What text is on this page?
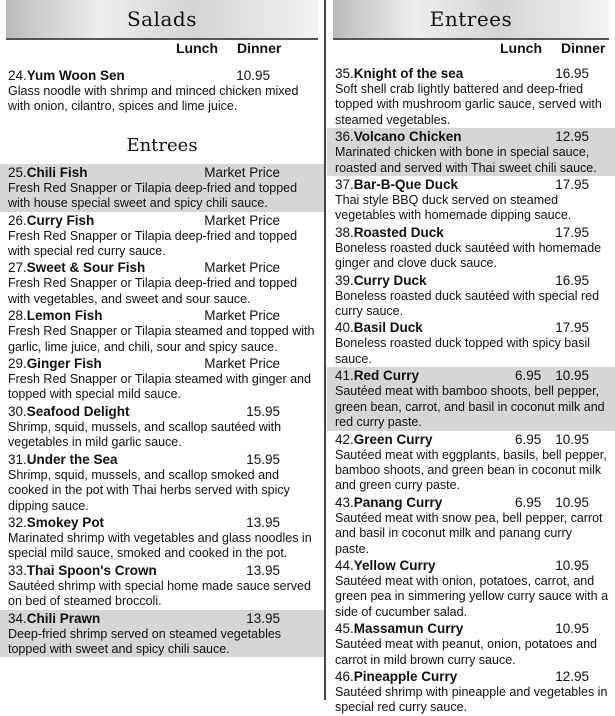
Salads
Lunch Dinner
24.Yum Woon Sen	10.95

Glass noodle with shrimp and minced chicken mixed with onion, cilantro, spices and lime juice.

Entrees
25.Chili Fish	Market Price

Fresh Red Snapper or Tilapia deep-fried and topped with house special sweet and spicy chili sauce.

26.Curry Fish	Market Price

Fresh Red Snapper or Tilapia deep-fried and topped with special red curry sauce.

27.Sweet & Sour Fish	Market Price

Fresh Red Snapper or Tilapia deep-fried and topped with vegetables, and sweet and sour sauce.

28.Lemon Fish	Market Price

Fresh Red Snapper or Tilapia steamed and topped with garlic, lime juice, and chili, sour and spicy sauce.

29.Ginger Fish	Market Price

Fresh Red Snapper or Tilapia steamed with ginger and topped with special mild sauce.

30.Seafood Delight	15.95

Shrimp, squid, mussels, and scallop sautéed with vegetables in mild garlic sauce.

31.Under the Sea	15.95

Shrimp, squid, mussels, and scallop smoked and cooked in the pot with Thai herbs served with spicy dipping sauce.

32.Smokey Pot	13.95

Marinated shrimp with vegetables and glass noodles in special mild sauce, smoked and cooked in the pot.

33.Thai Spoon's Crown	13.95

Sautéed shrimp with special home made sauce served on bed of steamed broccoli.

34.Chili Prawn	13.95

Deep-fried shrimp served on steamed vegetables topped with sweet and spicy chili sauce.

Entrees
Lunch Dinner
35.Knight of the sea	16.95

Soft shell crab lightly battered and deep-fried topped with mushroom garlic sauce, served with steamed vegetables.

36.Volcano Chicken	12.95

Marinated chicken with bone in special sauce, roasted and served with Thai sweet chili sauce.

37.Bar-B-Que Duck	17.95

Thai style BBQ duck served on steamed vegetables with homemade dipping sauce.

38.Roasted Duck	17.95

Boneless roasted duck sautéed with homemade ginger and clove duck sauce.

39.Curry Duck	16.95

Boneless roasted duck sautéed with special red curry sauce.

40.Basil Duck	17.95

Boneless roasted duck topped with spicy basil sauce.

41.Red Curry	6.95 10.95

Sautéed meat with bamboo shoots, bell pepper, green bean, carrot, and basil in coconut milk and red curry paste.

42.Green Curry	6.95 10.95

Sautéed meat with eggplants, basils, bell pepper, bamboo shoots, and green bean in coconut milk and green curry paste.

43.Panang Curry	6.95 10.95

Sautéed meat with snow pea, bell pepper, carrot and basil in coconut milk and panang curry paste.

44.Yellow Curry	10.95

Sautéed meat with onion, potatoes, carrot, and green pea in simmering yellow curry sauce with a side of cucumber salad.

45.Massamun Curry	10.95

Sautéed meat with peanut, onion, potatoes and carrot in mild brown curry sauce.

46.Pineapple Curry	12.95

Sautéed shrimp with pineapple and vegetables in special red curry sauce.
